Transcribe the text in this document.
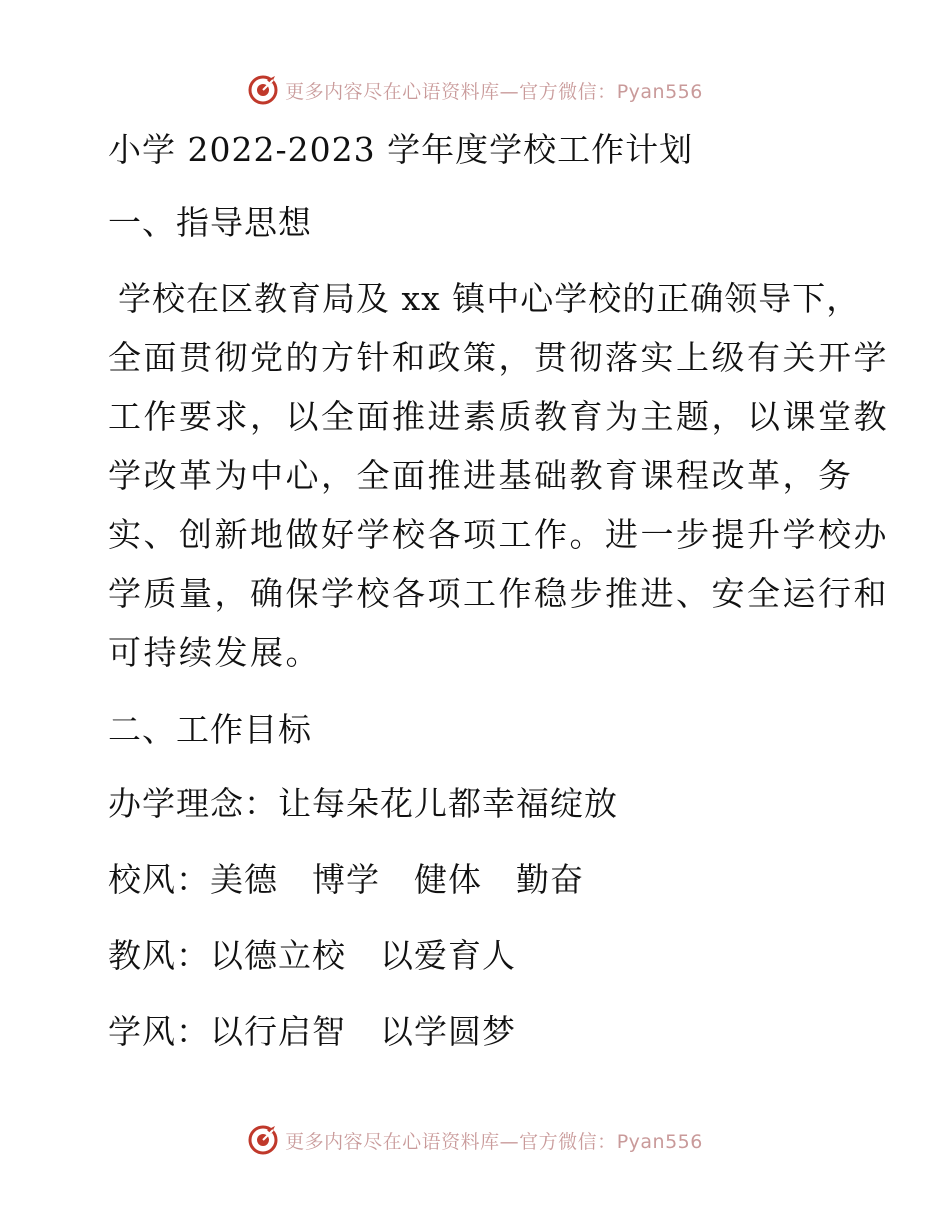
更多内容尽在心语资料库—官方微信：Pyan556
小学 2022-2023 学年度学校工作计划
一、指导思想
学校在区教育局及 xx 镇中心学校的正确领导下，
全面贯彻党的方针和政策，贯彻落实上级有关开学
工作要求，以全面推进素质教育为主题，以课堂教
学改革为中心，全面推进基础教育课程改革，务
实、创新地做好学校各项工作。进一步提升学校办
学质量，确保学校各项工作稳步推进、安全运行和
可持续发展。
二、工作目标
办学理念：让每朵花儿都幸福绽放
校风：美德 博学 健体 勤奋
教风：以德立校 以爱育人
学风：以行启智 以学圆梦
更多内容尽在心语资料库—官方微信：Pyan556
